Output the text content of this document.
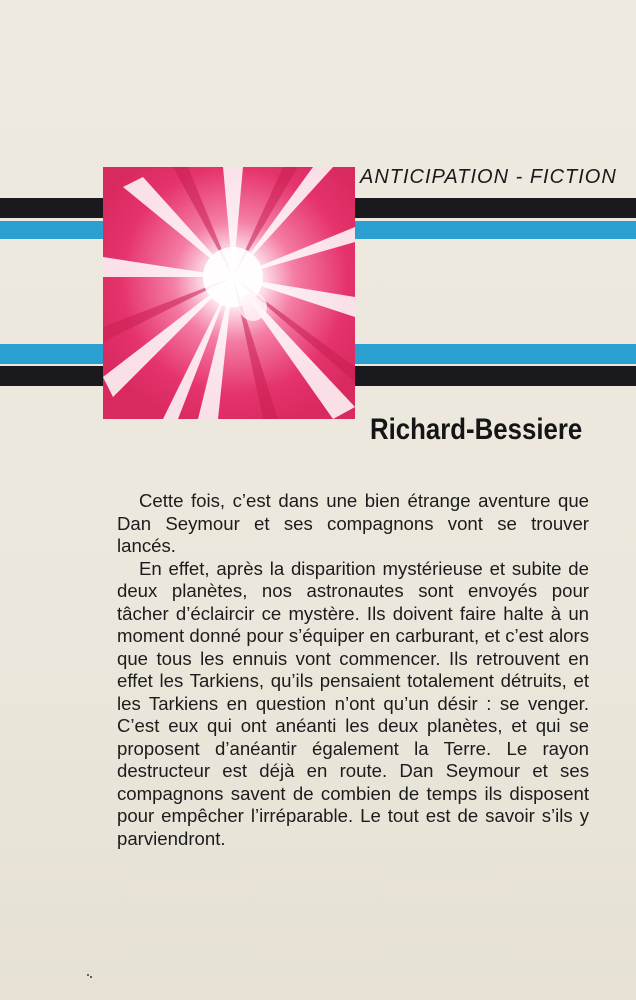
ANTICIPATION - FICTION
Richard-Bessiere

Cette fois, c’est dans une bien étrange aventure que Dan Seymour et ses compagnons vont se trouver lancés.

En effet, après la disparition mystérieuse et subite de deux planètes, nos astronautes sont envoyés pour tâcher d’éclaircir ce mystère. Ils doivent faire halte à un moment donné pour s’équiper en carburant, et c’est alors que tous les ennuis vont commencer. Ils retrouvent en effet les Tarkiens, qu’ils pensaient totalement détruits, et les Tarkiens en question n’ont qu’un désir : se venger. C’est eux qui ont anéanti les deux planètes, et qui se proposent d’anéantir également la Terre. Le rayon destructeur est déjà en route. Dan Seymour et ses compagnons savent de combien de temps ils disposent pour empêcher l’irréparable. Le tout est de savoir s’ils y parviendront.
